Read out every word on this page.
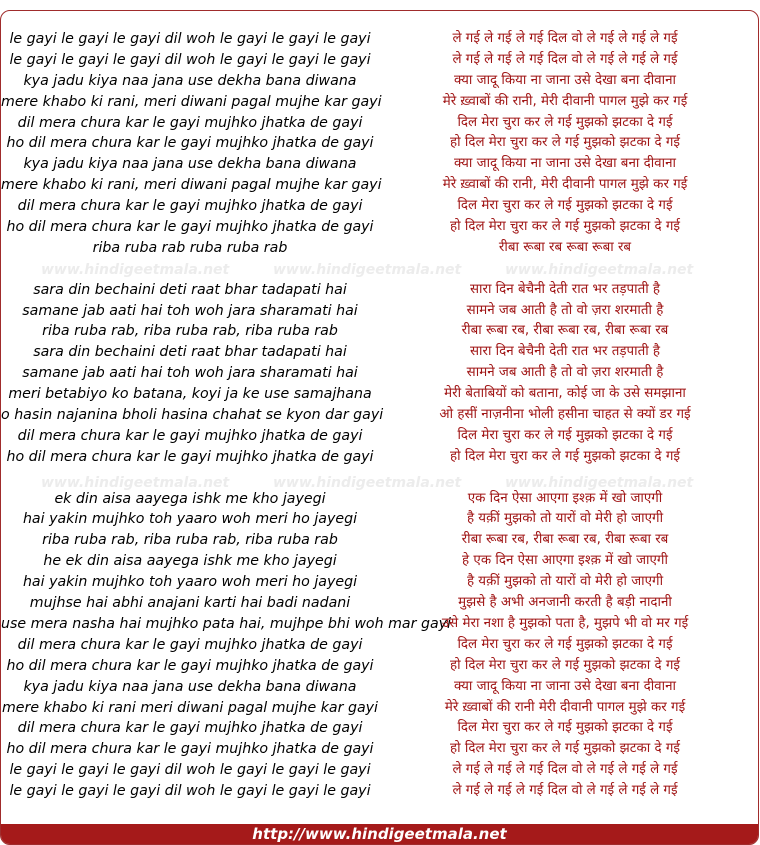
www.hindigeetmala.net	www.hindigeetmala.net	www.hindigeetmala.net
www.hindigeetmala.net	www.hindigeetmala.net	www.hindigeetmala.net
le gayi le gayi le gayi dil woh le gayi le gayi le gayi
le gayi le gayi le gayi dil woh le gayi le gayi le gayi
kya jadu kiya naa jana use dekha bana diwana
mere khabo ki rani, meri diwani pagal mujhe kar gayi
dil mera chura kar le gayi mujhko jhatka de gayi
ho dil mera chura kar le gayi mujhko jhatka de gayi
kya jadu kiya naa jana use dekha bana diwana
mere khabo ki rani, meri diwani pagal mujhe kar gayi
dil mera chura kar le gayi mujhko jhatka de gayi
ho dil mera chura kar le gayi mujhko jhatka de gayi
riba ruba rab ruba ruba rab
sara din bechaini deti raat bhar tadapati hai
samane jab aati hai toh woh jara sharamati hai
riba ruba rab, riba ruba rab, riba ruba rab
sara din bechaini deti raat bhar tadapati hai
samane jab aati hai toh woh jara sharamati hai
meri betabiyo ko batana, koyi ja ke use samajhana
o hasin najanina bholi hasina chahat se kyon dar gayi
dil mera chura kar le gayi mujhko jhatka de gayi
ho dil mera chura kar le gayi mujhko jhatka de gayi
ek din aisa aayega ishk me kho jayegi
hai yakin mujhko toh yaaro woh meri ho jayegi
riba ruba rab, riba ruba rab, riba ruba rab
he ek din aisa aayega ishk me kho jayegi
hai yakin mujhko toh yaaro woh meri ho jayegi
mujhse hai abhi anajani karti hai badi nadani
use mera nasha hai mujhko pata hai, mujhpe bhi woh mar gayi
dil mera chura kar le gayi mujhko jhatka de gayi
ho dil mera chura kar le gayi mujhko jhatka de gayi
kya jadu kiya naa jana use dekha bana diwana
mere khabo ki rani meri diwani pagal mujhe kar gayi
dil mera chura kar le gayi mujhko jhatka de gayi
ho dil mera chura kar le gayi mujhko jhatka de gayi
le gayi le gayi le gayi dil woh le gayi le gayi le gayi
le gayi le gayi le gayi dil woh le gayi le gayi le gayi
ले गई ले गई ले गई दिल वो ले गई ले गई ले गई
ले गई ले गई ले गई दिल वो ले गई ले गई ले गई
क्या जादू किया ना जाना उसे देखा बना दीवाना
मेरे ख़्वाबों की रानी, मेरी दीवानी पागल मुझे कर गई
दिल मेरा चुरा कर ले गई मुझको झटका दे गई
हो दिल मेरा चुरा कर ले गई मुझको झटका दे गई
क्या जादू किया ना जाना उसे देखा बना दीवाना
मेरे ख़्वाबों की रानी, मेरी दीवानी पागल मुझे कर गई
दिल मेरा चुरा कर ले गई मुझको झटका दे गई
हो दिल मेरा चुरा कर ले गई मुझको झटका दे गई
रीबा रूबा रब रूबा रूबा रब
सारा दिन बेचैनी देती रात भर तड़पाती है
सामने जब आती है तो वो ज़रा शरमाती है
रीबा रूबा रब, रीबा रूबा रब, रीबा रूबा रब
सारा दिन बेचैनी देती रात भर तड़पाती है
सामने जब आती है तो वो ज़रा शरमाती है
मेरी बेताबियों को बताना, कोई जा के उसे समझाना
ओ हसीं नाज़नीना भोली हसीना चाहत से क्यों डर गई
दिल मेरा चुरा कर ले गई मुझको झटका दे गई
हो दिल मेरा चुरा कर ले गई मुझको झटका दे गई
एक दिन ऐसा आएगा इश्क़ में खो जाएगी
है यक़ीं मुझको तो यारों वो मेरी हो जाएगी
रीबा रूबा रब, रीबा रूबा रब, रीबा रूबा रब
हे एक दिन ऐसा आएगा इश्क़ में खो जाएगी
है यक़ीं मुझको तो यारों वो मेरी हो जाएगी
मुझसे है अभी अनजानी करती है बड़ी नादानी
उसे मेरा नशा है मुझको पता है, मुझपे भी वो मर गई
दिल मेरा चुरा कर ले गई मुझको झटका दे गई
हो दिल मेरा चुरा कर ले गई मुझको झटका दे गई
क्या जादू किया ना जाना उसे देखा बना दीवाना
मेरे ख़्वाबों की रानी मेरी दीवानी पागल मुझे कर गई
दिल मेरा चुरा कर ले गई मुझको झटका दे गई
हो दिल मेरा चुरा कर ले गई मुझको झटका दे गई
ले गई ले गई ले गई दिल वो ले गई ले गई ले गई
ले गई ले गई ले गई दिल वो ले गई ले गई ले गई
http://www.hindigeetmala.net
